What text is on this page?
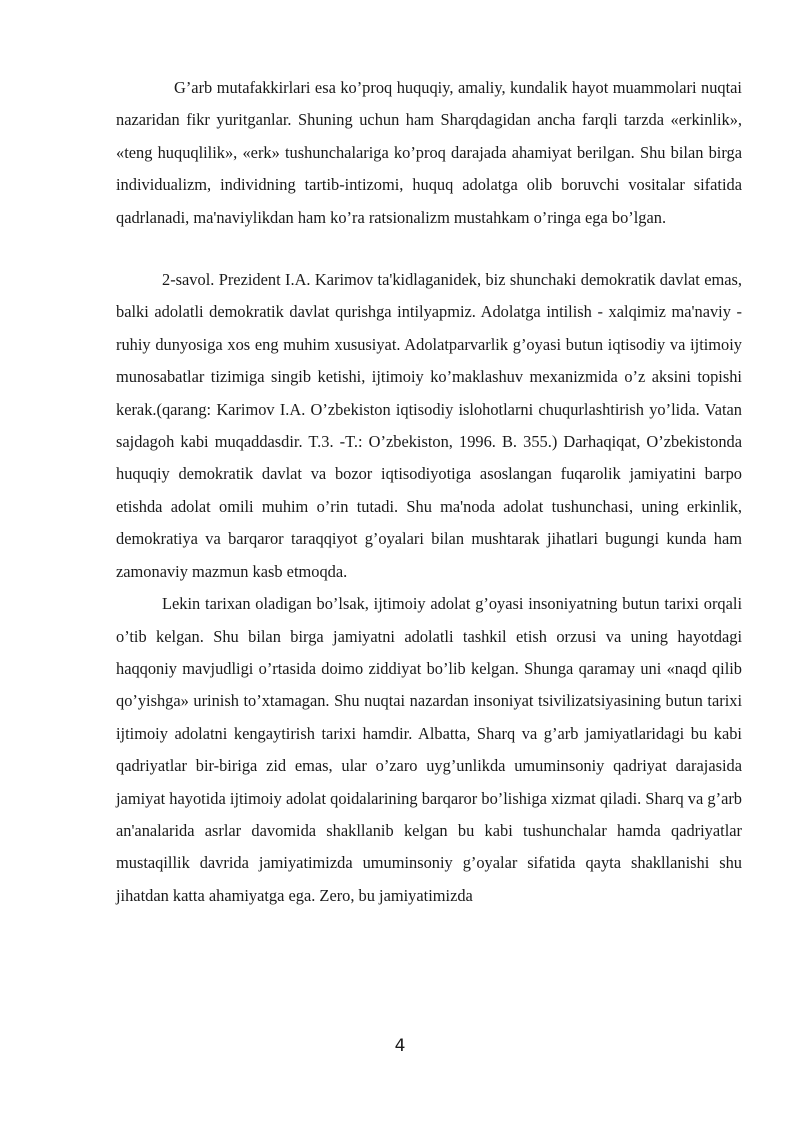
G’arb mutafakkirlari esa ko’proq huquqiy, amaliy, kundalik hayot muammolari nuqtai nazaridan fikr yuritganlar. Shuning uchun ham Sharqdagidan ancha farqli tarzda «erkinlik», «teng huquqlilik», «erk» tushunchalariga ko’proq darajada ahamiyat berilgan. Shu bilan birga individualizm, individning tartib-intizomi, huquq adolatga olib boruvchi vositalar sifatida qadrlanadi, ma'naviylikdan ham ko’ra ratsionalizm mustahkam o’ringa ega bo’lgan.

2-savol. Prezident I.A. Karimov ta'kidlaganidek, biz shunchaki demokratik davlat emas, balki adolatli demokratik davlat qurishga intilyapmiz. Adolatga intilish - xalqimiz ma'naviy - ruhiy dunyosiga xos eng muhim xususiyat. Adolatparvarlik g’oyasi butun iqtisodiy va ijtimoiy munosabatlar tizimiga singib ketishi, ijtimoiy ko’maklashuv mexanizmida o’z aksini topishi kerak.(qarang: Karimov I.A. O’zbekiston iqtisodiy islohotlarni chuqurlashtirish yo’lida. Vatan sajdagoh kabi muqaddasdir. T.3. -T.: O’zbekiston, 1996. B. 355.) Darhaqiqat, O’zbekistonda huquqiy demokratik davlat va bozor iqtisodiyotiga asoslangan fuqarolik jamiyatini barpo etishda adolat omili muhim o’rin tutadi. Shu ma'noda adolat tushunchasi, uning erkinlik, demokratiya va barqaror taraqqiyot g’oyalari bilan mushtarak jihatlari bugungi kunda ham zamonaviy mazmun kasb etmoqda.

Lekin tarixan oladigan bo’lsak, ijtimoiy adolat g’oyasi insoniyatning butun tarixi orqali o’tib kelgan. Shu bilan birga jamiyatni adolatli tashkil etish orzusi va uning hayotdagi haqqoniy mavjudligi o’rtasida doimo ziddiyat bo’lib kelgan. Shunga qaramay uni «naqd qilib qo’yishga» urinish to’xtamagan. Shu nuqtai nazardan insoniyat tsivilizatsiyasining butun tarixi ijtimoiy adolatni kengaytirish tarixi hamdir. Albatta, Sharq va g’arb jamiyatlaridagi bu kabi qadriyatlar bir-biriga zid emas, ular o’zaro uyg’unlikda umuminsoniy qadriyat darajasida jamiyat hayotida ijtimoiy adolat qoidalarining barqaror bo’lishiga xizmat qiladi. Sharq va g’arb an'analarida asrlar davomida shakllanib kelgan bu kabi tushunchalar hamda qadriyatlar mustaqillik davrida jamiyatimizda umuminsoniy g’oyalar sifatida qayta shakllanishi shu jihatdan katta ahamiyatga ega. Zero, bu jamiyatimizda

4
